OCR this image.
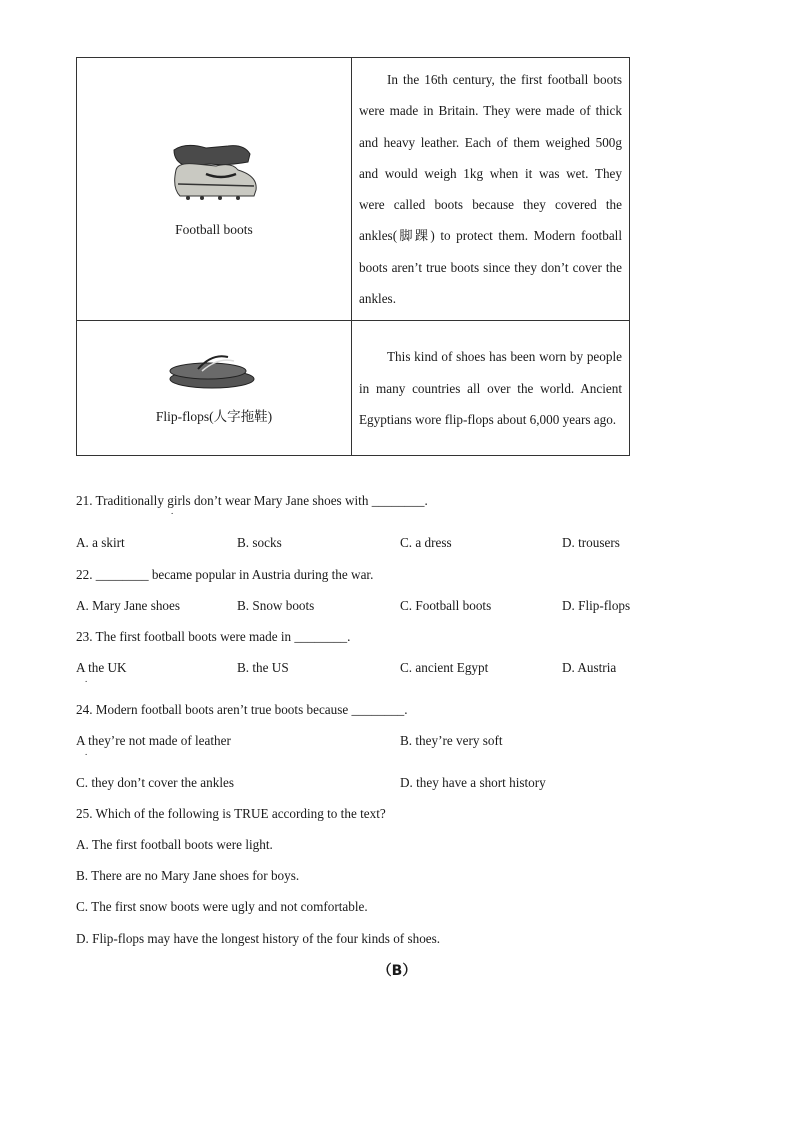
Football boots	In the 16th century, the first football boots were made in Britain. They were made of thick and heavy leather. Each of them weighed 500g and would weigh 1kg when it was wet. They were called boots because they covered the ankles(脚踝) to protect them. Modern football boots aren’t true boots since they don’t cover the ankles.

Flip-flops(人字拖鞋)	This kind of shoes has been worn by people in many countries all over the world. Ancient Egyptians wore flip-flops about 6,000 years ago.

21. Traditionally girls don’t wear Mary Jane shoes with ________.
.
A. a skirt	B. socks	C. a dress	D. trousers
22. ________ became popular in Austria during the war.
A. Mary Jane shoes	B. Snow boots	C. Football boots	D. Flip-flops
23. The first football boots were made in ________.
A the UK
.
B. the US	C. ancient Egypt	D. Austria
24. Modern football boots aren’t true boots because ________.
A they’re not made of leather
.
B. they’re very soft
C. they don’t cover the ankles	D. they have a short history
25. Which of the following is TRUE according to the text?
A. The first football boots were light.
B. There are no Mary Jane shoes for boys.
C. The first snow boots were ugly and not comfortable.
D. Flip-flops may have the longest history of the four kinds of shoes.
（B）
